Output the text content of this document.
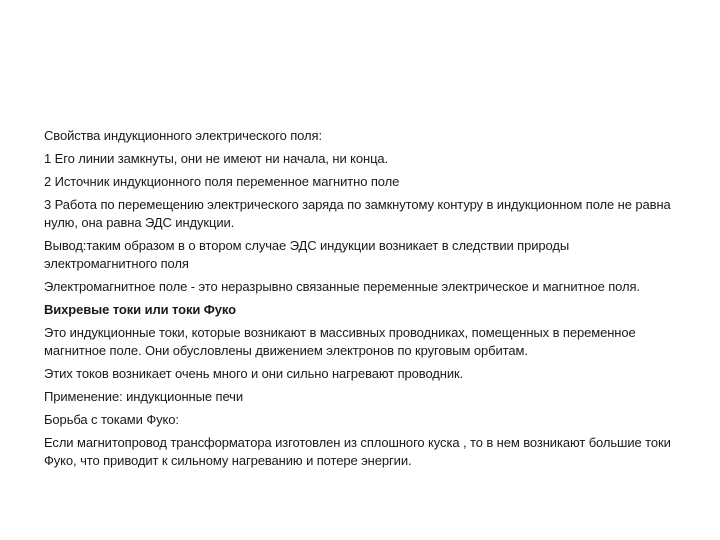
Свойства индукционного электрического поля:

1 Его линии замкнуты, они не имеют ни начала, ни конца.

2 Источник индукционного поля переменное магнитно поле

3 Работа по перемещению электрического заряда по замкнутому контуру в индукционном поле не равна нулю, она равна ЭДС индукции.

Вывод:таким образом в о втором случае ЭДС индукции возникает в следствии природы электромагнитного поля

Электромагнитное поле - это неразрывно связанные переменные электрическое и магнитное поля.

Вихревые токи или токи Фуко

Это индукционные токи, которые возникают в массивных проводниках, помещенных в переменное магнитное поле. Они обусловлены движением электронов по круговым орбитам.

Этих токов возникает очень много и они сильно нагревают проводник.

Применение: индукционные печи

Борьба с токами Фуко:

Если магнитопровод трансформатора изготовлен из сплошного куска , то в нем возникают большие токи Фуко, что приводит к сильному нагреванию и потере энергии.
